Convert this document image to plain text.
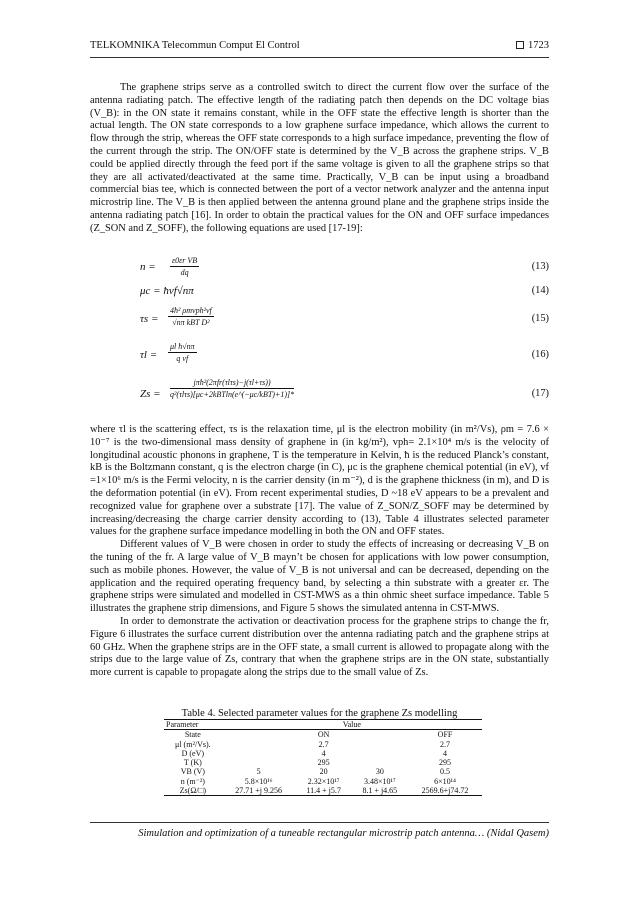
TELKOMNIKA Telecommun Comput El Control	1723

The graphene strips serve as a controlled switch to direct the current flow over the surface of the antenna radiating patch. The effective length of the radiating patch then depends on the DC voltage bias (V_B): in the ON state it remains constant, while in the OFF state the effective length is shorter than the actual length. The ON state corresponds to a low graphene surface impedance, which allows the current to flow through the strip, whereas the OFF state corresponds to a high surface impedance, preventing the flow of the current through the strip. The ON/OFF state is determined by the V_B across the graphene strips. V_B could be applied directly through the feed port if the same voltage is given to all the graphene strips so that they are all activated/deactivated at the same time. Practically, V_B can be input using a broadband commercial bias tee, which is connected between the port of a vector network analyzer and the antenna input microstrip line. The V_B is then applied between the antenna ground plane and the graphene strips inside the antenna radiating patch [16]. In order to obtain the practical values for the ON and OFF surface impedances (Z_SON and Z_SOFF), the following equations are used [17-19]:

$n = \frac{\text{ε0εr VB}}{dq}$	(13)
μc = ħvf√nπ	(14)
τs =
4ħ² ρmvph²vf
√nπ kBT D²	(15)
$\tau l = \frac{\text{μl ħ√nπ}}{\text{q vf}}$	(16)
Zs =
jπħ²(2πfr(τlτs)−j(τl+τs))
q²(τlτs)[μc+2kBTln(e^(−μc/kBT)+1)]*	(17)

where τl is the scattering effect, τs is the relaxation time, μl is the electron mobility (in m²/Vs), ρm = 7.6 × 10⁻⁷ is the two-dimensional mass density of graphene in (in kg/m²), vph= 2.1×10⁴ m/s is the velocity of longitudinal acoustic phonons in graphene, T is the temperature in Kelvin, ħ is the reduced Planck’s constant, kB is the Boltzmann constant, q is the electron charge (in C), μc is the graphene chemical potential (in eV), vf =1×10⁶ m/s is the Fermi velocity, n is the carrier density (in m⁻²), d is the graphene thickness (in m), and D is the deformation potential (in eV). From recent experimental studies, D ~18 eV appears to be a prevalent and recognized value for graphene over a substrate [17]. The value of Z_SON/Z_SOFF may be determined by increasing/decreasing the charge carrier density according to (13), Table 4 illustrates selected parameter values for the graphene surface impedance modelling in both the ON and OFF states.

Different values of V_B were chosen in order to study the effects of increasing or decreasing V_B on the tuning of the fr. A large value of V_B mayn’t be chosen for applications with low power consumption, such as mobile phones. However, the value of V_B is not universal and can be decreased, depending on the application and the required operating frequency band, by selecting a thin substrate with a greater εr. The graphene strips were simulated and modelled in CST-MWS as a thin ohmic sheet surface impedance. Table 5 illustrates the graphene strip dimensions, and Figure 5 shows the simulated antenna in CST-MWS.

In order to demonstrate the activation or deactivation process for the graphene strips to change the fr, Figure 6 illustrates the surface current distribution over the antenna radiating patch and the graphene strips at 60 GHz. When the graphene strips are in the OFF state, a small current is allowed to propagate along with the strips due to the large value of Zs, contrary that when the graphene strips are in the ON state, substantially more current is capable to propagate along the strips due to the small value of Zs.

Table 4. Selected parameter values for the graphene Zs modelling
Parameter	Value			
State		ON		OFF
μl (m²/Vs).		2.7		2.7
D (eV)		4		4
T (K)		295		295
VB (V)	5	20	30	0.5
n (m⁻²)	5.8×10¹⁶	2.32×10¹⁷	3.48×10¹⁷	6×10¹⁴
Zs(Ω/□)	27.71 +j 9.256	11.4 + j5.7	8.1 + j4.65	2569.6+j74.72
Simulation and optimization of a tuneable rectangular microstrip patch antenna… (Nidal Qasem)
